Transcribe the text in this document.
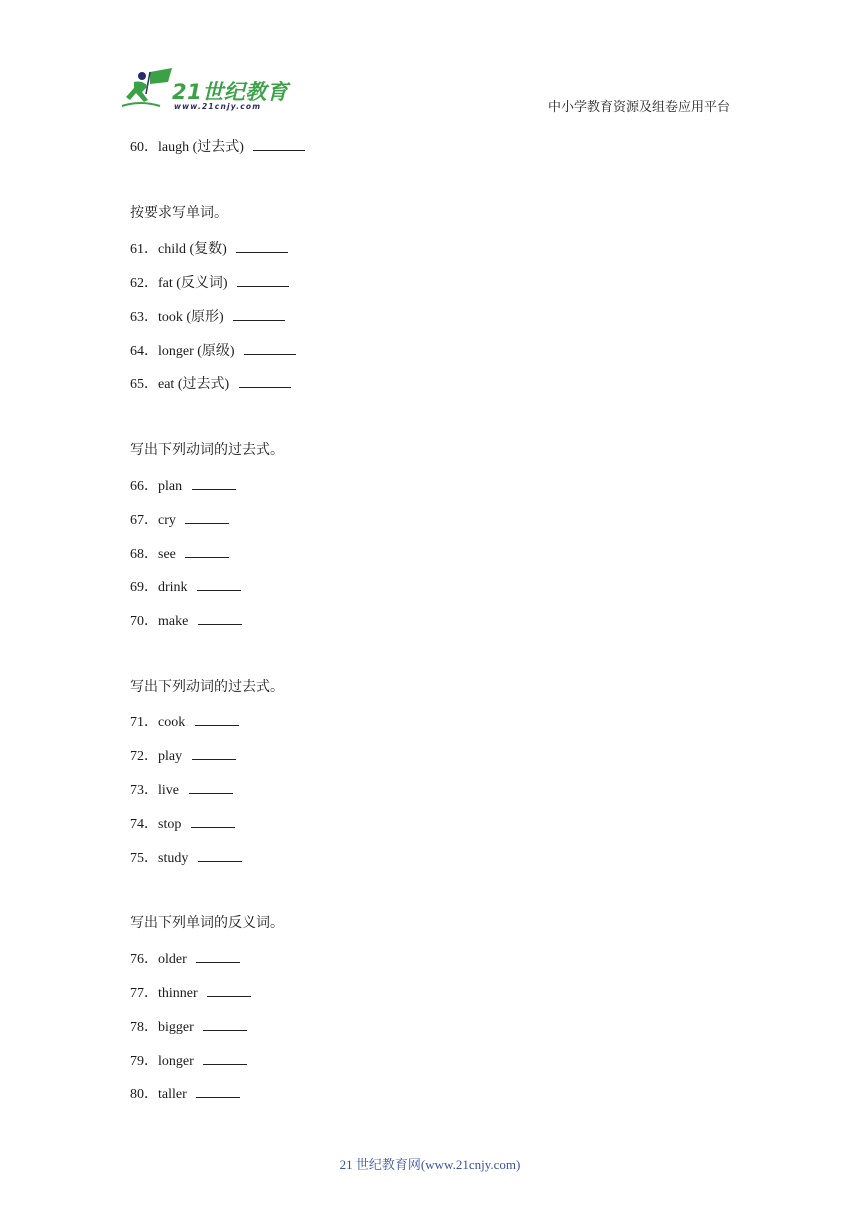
21世纪教育
www.21cnjy.com	中小学教育资源及组卷应用平台
60．laugh (过去式)
按要求写单词。
61．child (复数)
62．fat (反义词)
63．took (原形)
64．longer (原级)
65．eat (过去式)
写出下列动词的过去式。
66．plan
67．cry
68．see
69．drink
70．make
写出下列动词的过去式。
71．cook
72．play
73．live
74．stop
75．study
写出下列单词的反义词。
76．older
77．thinner
78．bigger
79．longer
80．taller
21 世纪教育网(www.21cnjy.com)
